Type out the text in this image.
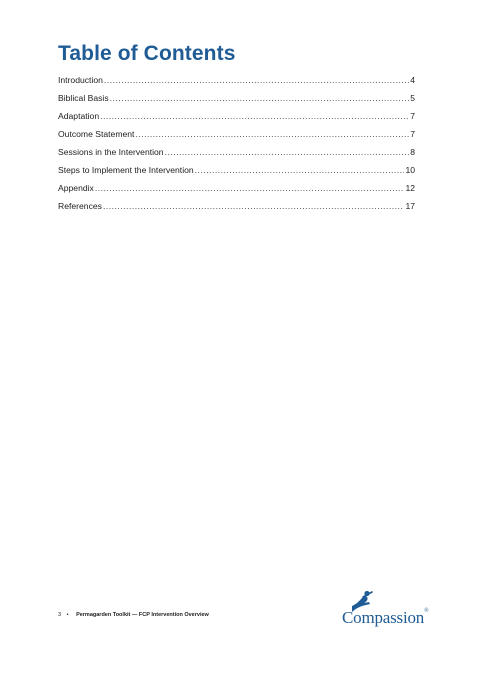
Table of Contents
Introduction .....	4
Biblical Basis .....	5
Adaptation .....	7
Outcome Statement .....	7
Sessions in the Intervention .....	8
Steps to Implement the Intervention .....	10
Appendix .....	12
References .....	17
3 • Permagarden Toolkit — FCP Intervention Overview	Compassion®
